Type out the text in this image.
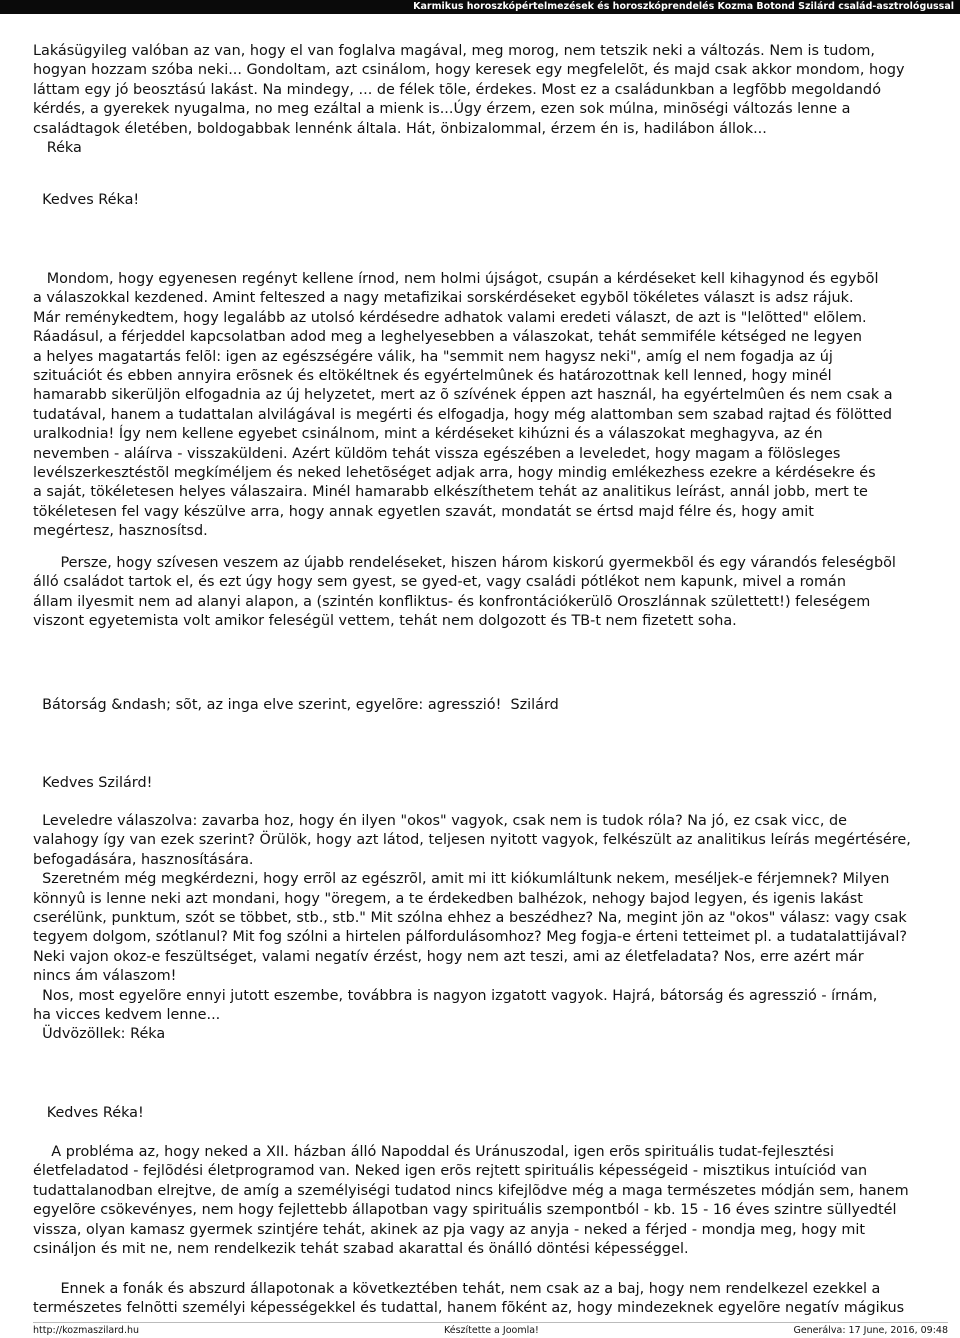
Karmikus horoszkópértelmezések és horoszkóprendelés Kozma Botond Szilárd család-asztrológussal
Lakásügyileg valóban az van, hogy el van foglalva magával, meg morog, nem tetszik neki a változás. Nem is tudom,
hogyan hozzam szóba neki... Gondoltam, azt csinálom, hogy keresek egy megfelelõt, és majd csak akkor mondom, hogy
láttam egy jó beosztású lakást. Na mindegy, ... de félek tõle, érdekes. Most ez a családunkban a legfõbb megoldandó
kérdés, a gyerekek nyugalma, no meg ezáltal a mienk is...Úgy érzem, ezen sok múlna, minõségi változás lenne a
családtagok életében, boldogabbak lennénk általa. Hát, önbizalommal, érzem én is, hadilábon állok...
Réka
Kedves Réka!
Mondom, hogy egyenesen regényt kellene írnod, nem holmi újságot, csupán a kérdéseket kell kihagynod és egybõl
a válaszokkal kezdened. Amint felteszed a nagy metafizikai sorskérdéseket egybõl tökéletes választ is adsz rájuk.
Már reménykedtem, hogy legalább az utolsó kérdésedre adhatok valami eredeti választ, de azt is "lelõtted" elõlem.
Ráadásul, a férjeddel kapcsolatban adod meg a leghelyesebben a válaszokat, tehát semmiféle kétséged ne legyen
a helyes magatartás felõl: igen az egészségére válik, ha "semmit nem hagysz neki", amíg el nem fogadja az új
szituációt és ebben annyira erõsnek és eltökéltnek és egyértelmûnek és határozottnak kell lenned, hogy minél
hamarabb sikerüljön elfogadnia az új helyzetet, mert az õ szívének éppen azt használ, ha egyértelmûen és nem csak a
tudatával, hanem a tudattalan alvilágával is megérti és elfogadja, hogy még alattomban sem szabad rajtad és fölötted
uralkodnia! Így nem kellene egyebet csinálnom, mint a kérdéseket kihúzni és a válaszokat meghagyva, az én
nevemben - aláírva - visszaküldeni. Azért küldöm tehát vissza egészében a leveledet, hogy magam a fölösleges
levélszerkesztéstõl megkíméljem és neked lehetõséget adjak arra, hogy mindig emlékezhess ezekre a kérdésekre és
a saját, tökéletesen helyes válaszaira. Minél hamarabb elkészíthetem tehát az analitikus leírást, annál jobb, mert te
tökéletesen fel vagy készülve arra, hogy annak egyetlen szavát, mondatát se értsd majd félre és, hogy amit
megértesz, hasznosítsd.
Persze, hogy szívesen veszem az újabb rendeléseket, hiszen három kiskorú gyermekbõl és egy várandós feleségbõl
álló családot tartok el, és ezt úgy hogy sem gyest, se gyed-et, vagy családi pótlékot nem kapunk, mivel a román
állam ilyesmit nem ad alanyi alapon, a (szintén konfliktus- és konfrontációkerülõ Oroszlánnak születtett!) feleségem
viszont egyetemista volt amikor feleségül vettem, tehát nem dolgozott és TB-t nem fizetett soha.
Bátorság &ndash; sõt, az inga elve szerint, egyelõre: agresszió!  Szilárd
Kedves Szilárd!
Leveledre válaszolva: zavarba hoz, hogy én ilyen "okos" vagyok, csak nem is tudok róla? Na jó, ez csak vicc, de
valahogy így van ezek szerint? Örülök, hogy azt látod, teljesen nyitott vagyok, felkészült az analitikus leírás megértésére,
befogadására, hasznosítására.
Szeretném még megkérdezni, hogy errõl az egészrõl, amit mi itt kiókumláltunk nekem, meséljek-e férjemnek? Milyen
könnyû is lenne neki azt mondani, hogy "öregem, a te érdekedben balhézok, nehogy bajod legyen, és igenis lakást
cserélünk, punktum, szót se többet, stb., stb." Mit szólna ehhez a beszédhez? Na, megint jön az "okos" válasz: vagy csak
tegyem dolgom, szótlanul? Mit fog szólni a hirtelen pálfordulásomhoz? Meg fogja-e érteni tetteimet pl. a tudatalattijával?
Neki vajon okoz-e feszültséget, valami negatív érzést, hogy nem azt teszi, ami az életfeladata? Nos, erre azért már
nincs ám válaszom!
Nos, most egyelõre ennyi jutott eszembe, továbbra is nagyon izgatott vagyok. Hajrá, bátorság és agresszió - írnám,
ha vicces kedvem lenne...
Üdvözöllek: Réka
Kedves Réka!
A probléma az, hogy neked a XII. házban álló Napoddal és Uránuszodal, igen erõs spirituális tudat-fejlesztési
életfeladatod - fejlõdési életprogramod van. Neked igen erõs rejtett spirituális képességeid - misztikus intuíciód van
tudattalanodban elrejtve, de amíg a személyiségi tudatod nincs kifejlõdve még a maga természetes módján sem, hanem
egyelõre csökevényes, nem hogy fejlettebb állapotban vagy spirituális szempontból - kb. 15 - 16 éves szintre süllyedtél
vissza, olyan kamasz gyermek szintjére tehát, akinek az pja vagy az anyja - neked a férjed - mondja meg, hogy mit
csináljon és mit ne, nem rendelkezik tehát szabad akarattal és önálló döntési képességgel.
Ennek a fonák és abszurd állapotonak a következtében tehát, nem csak az a baj, hogy nem rendelkezel ezekkel a
természetes felnõtti személyi képességekkel és tudattal, hanem fõként az, hogy mindezeknek egyelõre negatív mágikus
http://kozmaszilard.hu	Készítette a Joomla!	Generálva: 17 June, 2016, 09:48
